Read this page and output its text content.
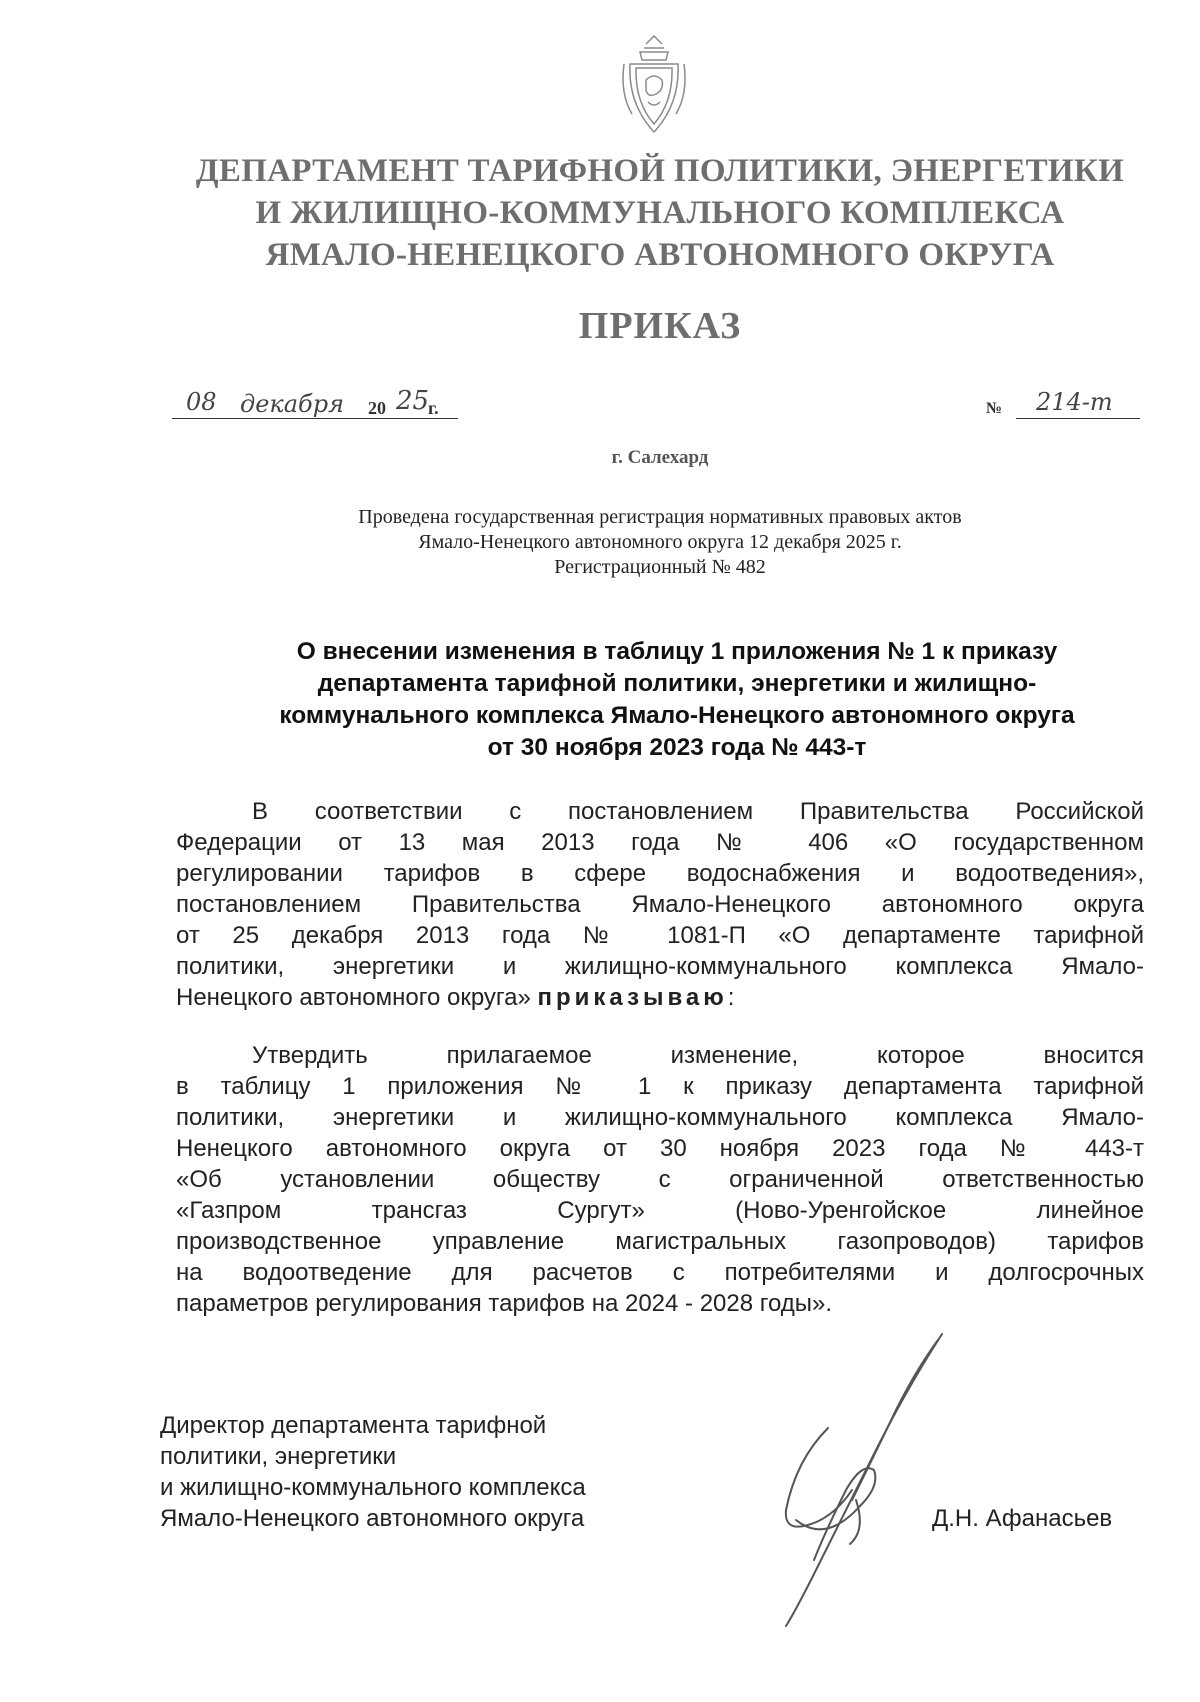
ДЕПАРТАМЕНТ ТАРИФНОЙ ПОЛИТИКИ, ЭНЕРГЕТИКИ
И ЖИЛИЩНО-КОММУНАЛЬНОГО КОМПЛЕКСА
ЯМАЛО-НЕНЕЦКОГО АВТОНОМНОГО ОКРУГА
ПРИКАЗ
08 декабря 20 25
г.	№ 214-т
г. Салехард
Проведена государственная регистрация нормативных правовых актов
Ямало-Ненецкого автономного округа 12 декабря 2025 г.
Регистрационный № 482
О внесении изменения в таблицу 1 приложения № 1 к приказу
департамента тарифной политики, энергетики и жилищно-
коммунального комплекса Ямало-Ненецкого автономного округа
от 30 ноября 2023 года № 443-т
В соответствии с постановлением Правительства Российской
Федерации от 13 мая 2013 года № 406 «О государственном
регулировании тарифов в сфере водоснабжения и водоотведения»,
постановлением Правительства Ямало-Ненецкого автономного округа
от 25 декабря 2013 года № 1081-П «О департаменте тарифной
политики, энергетики и жилищно-коммунального комплекса Ямало-
Ненецкого автономного округа» приказываю:
Утвердить прилагаемое изменение, которое вносится
в таблицу 1 приложения № 1 к приказу департамента тарифной
политики, энергетики и жилищно-коммунального комплекса Ямало-
Ненецкого автономного округа от 30 ноября 2023 года № 443-т
«Об установлении обществу с ограниченной ответственностью
«Газпром трансгаз Сургут» (Ново-Уренгойское линейное
производственное управление магистральных газопроводов) тарифов
на водоотведение для расчетов с потребителями и долгосрочных
параметров регулирования тарифов на 2024 - 2028 годы».
Директор департамента тарифной
политики, энергетики
и жилищно-коммунального комплекса
Ямало-Ненецкого автономного округа	Д.Н. Афанасьев
